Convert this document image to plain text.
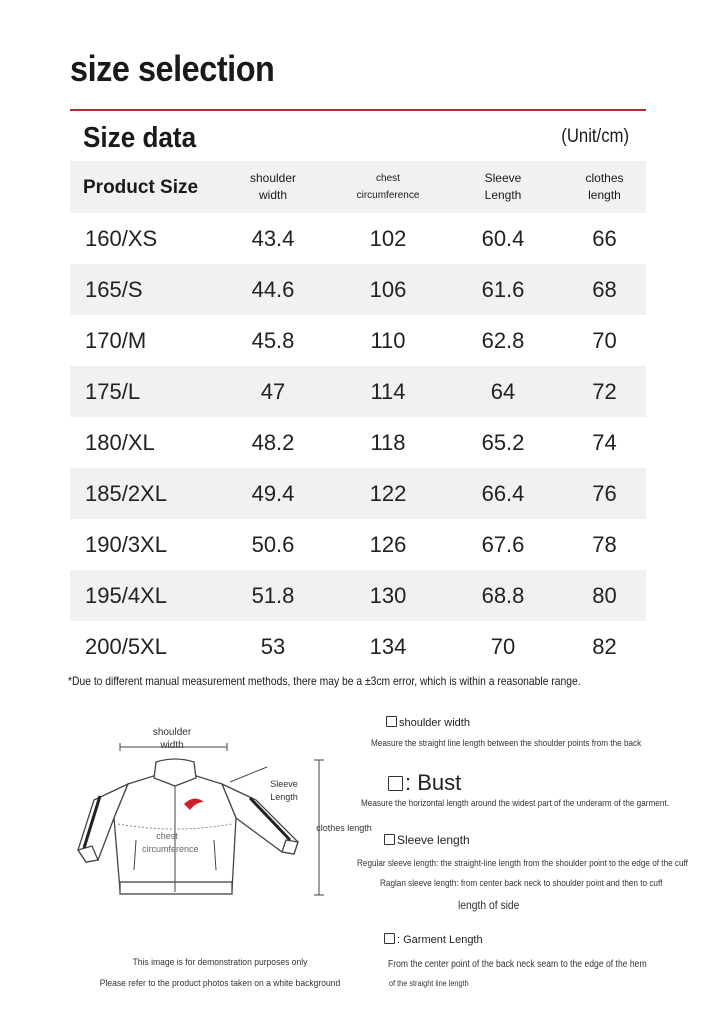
size selection
Size data	(Unit/cm)
Product Size	shoulder width	chest circumference	Sleeve Length	clothes length

160/XS	43.4	102	60.4	66
165/S	44.6	106	61.6	68
170/M	45.8	110	62.8	70
175/L	47	114	64	72
180/XL	48.2	118	65.2	74
185/2XL	49.4	122	66.4	76
190/3XL	50.6	126	67.6	78
195/4XL	51.8	130	68.8	80
200/5XL	53	134	70	82
*Due to different manual measurement methods, there may be a ±3cm error, which is within a reasonable range.
shoulder width
Sleeve Length
clothes length
chest circumference
This image is for demonstration purposes only
Please refer to the product photos taken on a white background
shoulder width
Measure the straight line length between the shoulder points from the back
: Bust
Measure the horizontal length around the widest part of the underarm of the garment.
Sleeve length
Regular sleeve length: the straight-line length from the shoulder point to the edge of the cuff
Raglan sleeve length: from center back neck to shoulder point and then to cuff
length of side
: Garment Length
From the center point of the back neck seam to the edge of the hem
of the straight line length
